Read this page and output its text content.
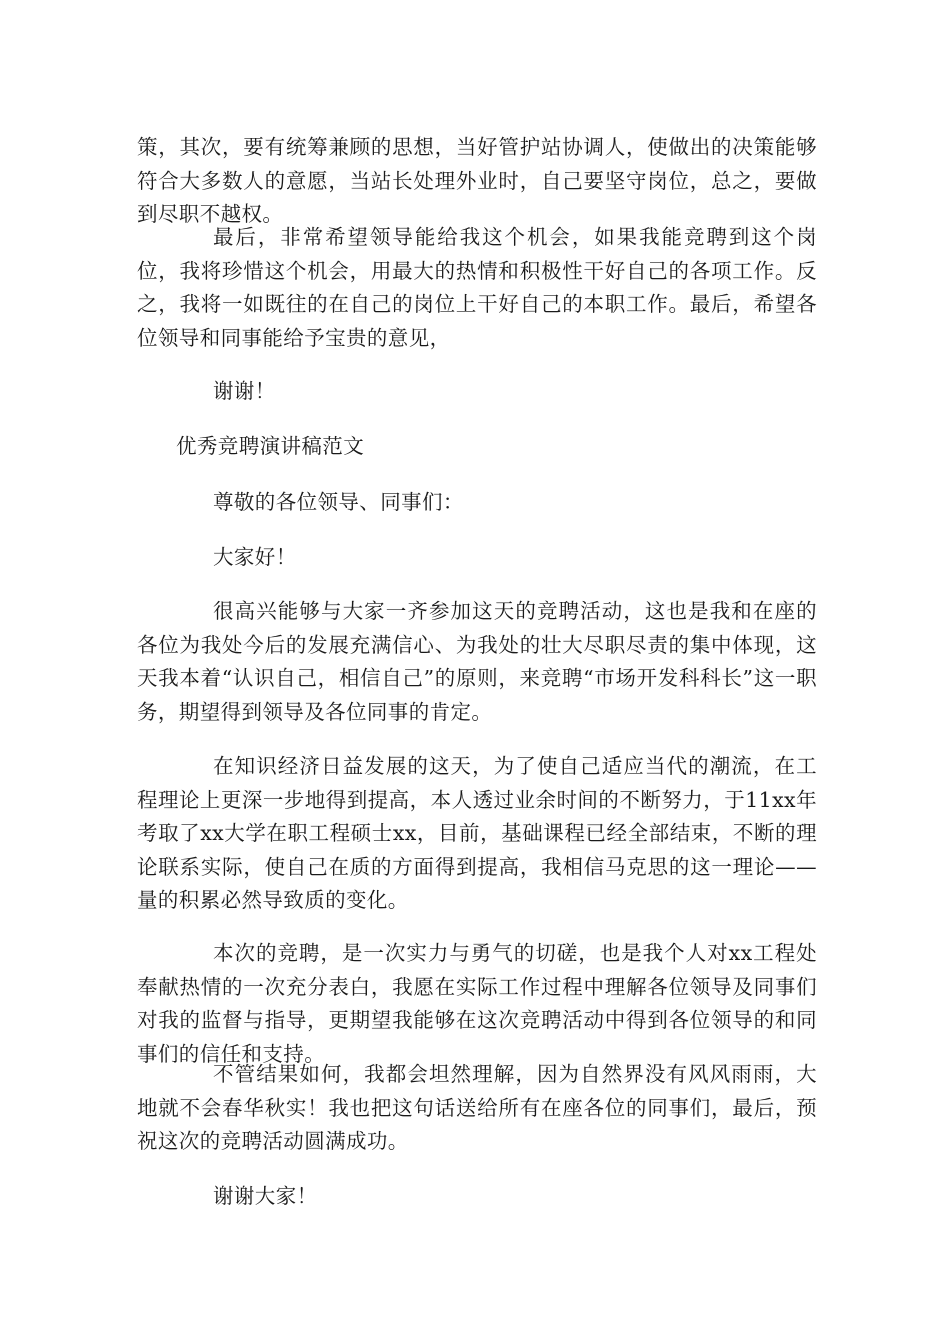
策，其次，要有统筹兼顾的思想，当好管护站协调人，使做出的决策能够符合大多数人的意愿，当站长处理外业时，自己要坚守岗位，总之，要做到尽职不越权。

最后，非常希望领导能给我这个机会，如果我能竞聘到这个岗位，我将珍惜这个机会，用最大的热情和积极性干好自己的各项工作。反之，我将一如既往的在自己的岗位上干好自己的本职工作。最后，希望各位领导和同事能给予宝贵的意见，

谢谢！

优秀竞聘演讲稿范文

尊敬的各位领导、同事们：

大家好！

很高兴能够与大家一齐参加这天的竞聘活动，这也是我和在座的各位为我处今后的发展充满信心、为我处的壮大尽职尽责的集中体现，这天我本着“认识自己，相信自己”的原则，来竞聘“市场开发科科长”这一职务，期望得到领导及各位同事的肯定。

在知识经济日益发展的这天，为了使自己适应当代的潮流，在工程理论上更深一步地得到提高，本人透过业余时间的不断努力，于11xx年考取了xx大学在职工程硕士xx，目前，基础课程已经全部结束，不断的理论联系实际，使自己在质的方面得到提高，我相信马克思的这一理论——量的积累必然导致质的变化。

本次的竞聘，是一次实力与勇气的切磋，也是我个人对xx工程处奉献热情的一次充分表白，我愿在实际工作过程中理解各位领导及同事们对我的监督与指导，更期望我能够在这次竞聘活动中得到各位领导的和同事们的信任和支持。

不管结果如何，我都会坦然理解，因为自然界没有风风雨雨，大地就不会春华秋实！我也把这句话送给所有在座各位的同事们，最后，预祝这次的竞聘活动圆满成功。

谢谢大家！
